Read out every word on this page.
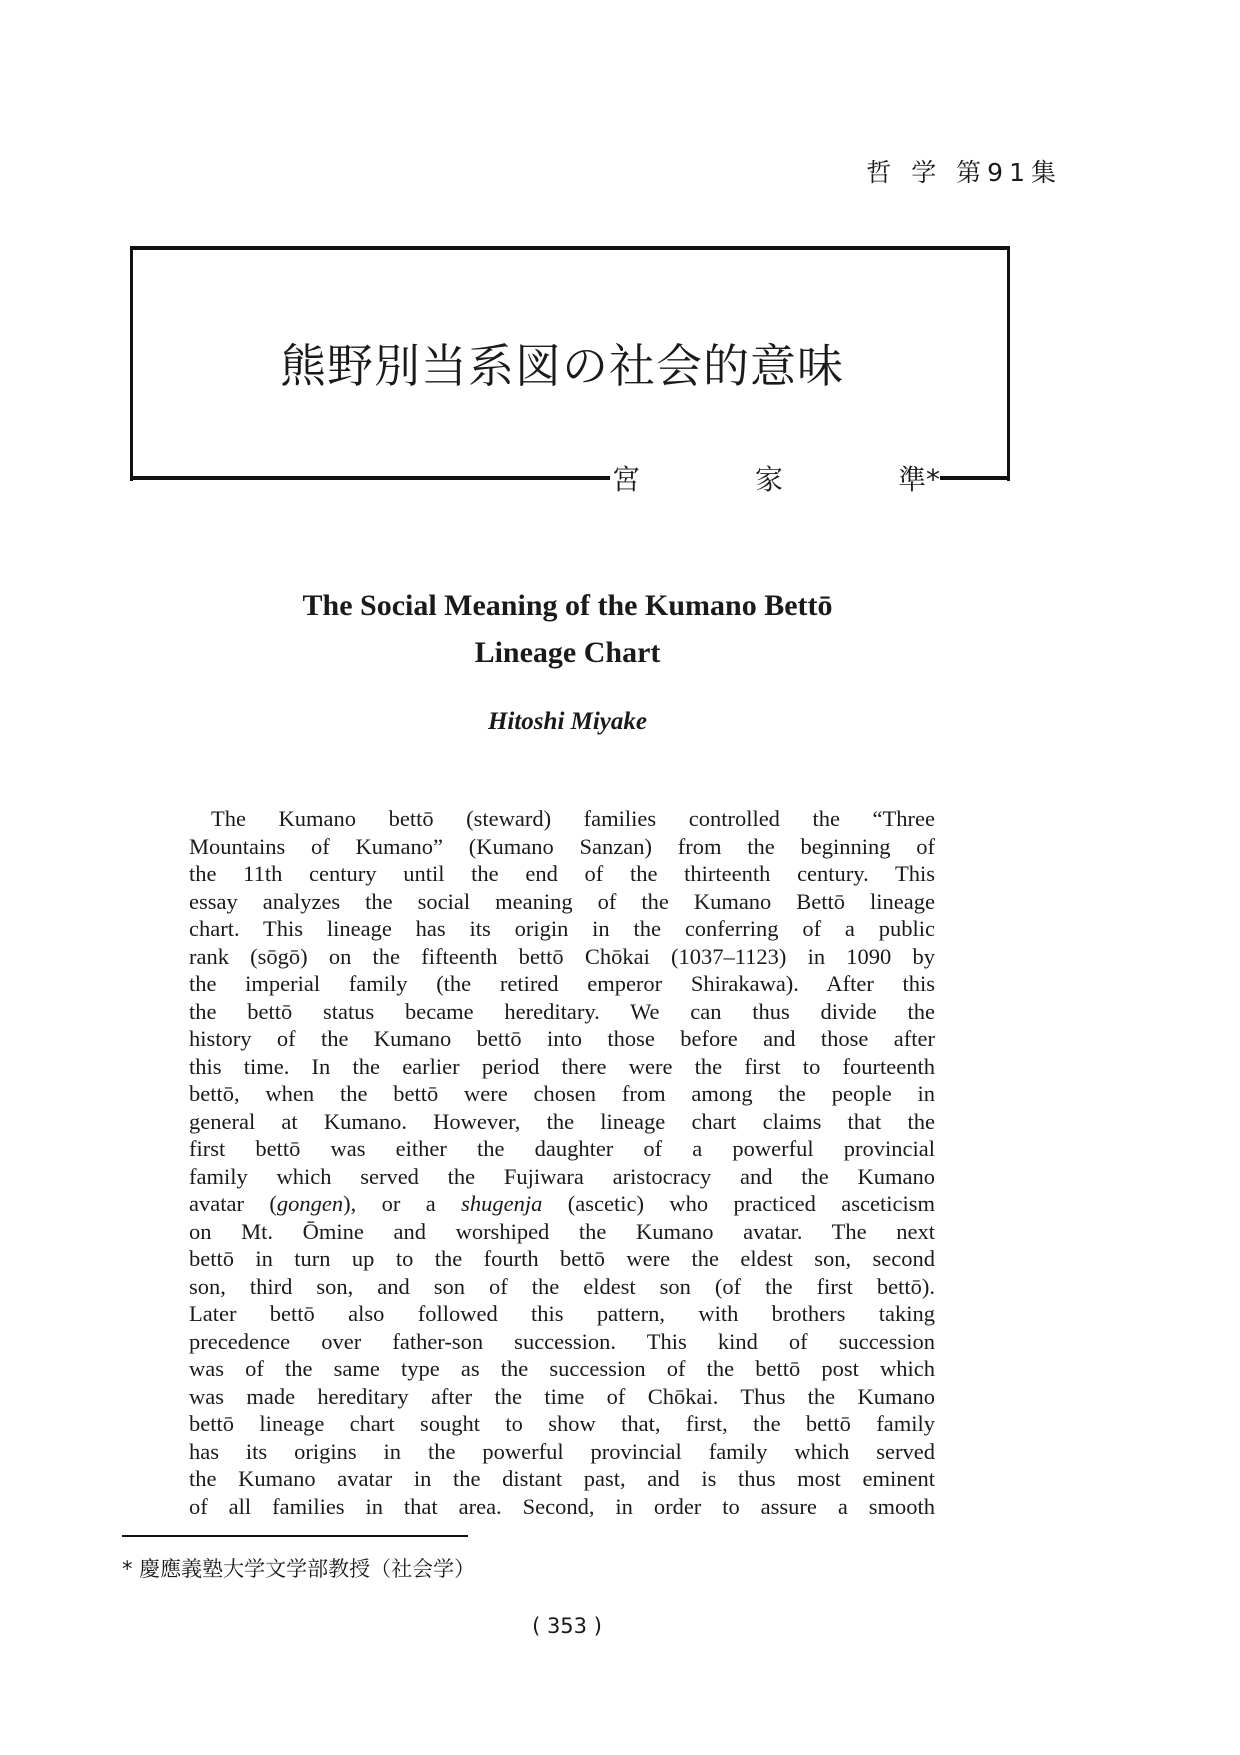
哲 学 第91集
熊野別当系図の社会的意味
宮	家	準*
The Social Meaning of the Kumano Bettō
Lineage Chart
Hitoshi Miyake
The Kumano bettō (steward) families controlled the “Three
Mountains of Kumano” (Kumano Sanzan) from the beginning of
the 11th century until the end of the thirteenth century. This
essay analyzes the social meaning of the Kumano Bettō lineage
chart. This lineage has its origin in the conferring of a public
rank (sōgō) on the fifteenth bettō Chōkai (1037–1123) in 1090 by
the imperial family (the retired emperor Shirakawa). After this
the bettō status became hereditary. We can thus divide the
history of the Kumano bettō into those before and those after
this time. In the earlier period there were the first to fourteenth
bettō, when the bettō were chosen from among the people in
general at Kumano. However, the lineage chart claims that the
first bettō was either the daughter of a powerful provincial
family which served the Fujiwara aristocracy and the Kumano
avatar (gongen), or a shugenja (ascetic) who practiced asceticism
on Mt. Ōmine and worshiped the Kumano avatar. The next
bettō in turn up to the fourth bettō were the eldest son, second
son, third son, and son of the eldest son (of the first bettō).
Later bettō also followed this pattern, with brothers taking
precedence over father-son succession. This kind of succession
was of the same type as the succession of the bettō post which
was made hereditary after the time of Chōkai. Thus the Kumano
bettō lineage chart sought to show that, first, the bettō family
has its origins in the powerful provincial family which served
the Kumano avatar in the distant past, and is thus most eminent
of all families in that area. Second, in order to assure a smooth
* 慶應義塾大学文学部教授（社会学）
( 353 )
